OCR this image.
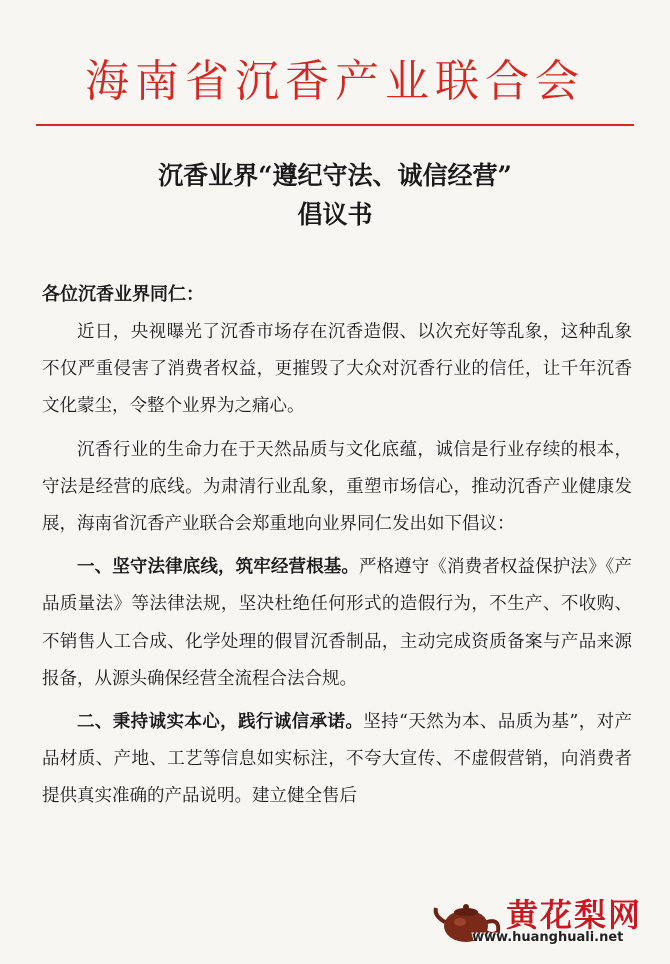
海南省沉香产业联合会
沉香业界“遵纪守法、诚信经营”
倡议书
各位沉香业界同仁：

近日，央视曝光了沉香市场存在沉香造假、以次充好等乱象，这种乱象不仅严重侵害了消费者权益，更摧毁了大众对沉香行业的信任，让千年沉香文化蒙尘，令整个业界为之痛心。

沉香行业的生命力在于天然品质与文化底蕴，诚信是行业存续的根本，守法是经营的底线。为肃清行业乱象，重塑市场信心，推动沉香产业健康发展，海南省沉香产业联合会郑重地向业界同仁发出如下倡议：

一、坚守法律底线，筑牢经营根基。严格遵守《消费者权益保护法》《产品质量法》等法律法规，坚决杜绝任何形式的造假行为，不生产、不收购、不销售人工合成、化学处理的假冒沉香制品，主动完成资质备案与产品来源报备，从源头确保经营全流程合法合规。

二、秉持诚实本心，践行诚信承诺。坚持“天然为本、品质为基”，对产品材质、产地、工艺等信息如实标注，不夸大宣传、不虚假营销，向消费者提供真实准确的产品说明。建立健全售后

黄花梨网
www.huanghuali.net
